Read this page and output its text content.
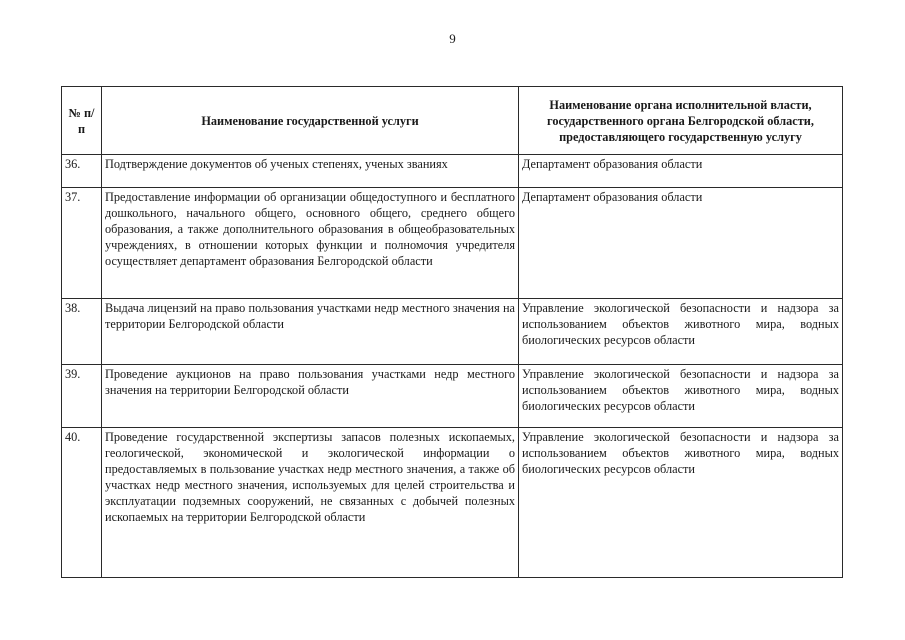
9
№ п/п	Наименование государственной услуги	Наименование органа исполнительной власти, государственного органа Белгородской области, предоставляющего государственную услугу
36.	Подтверждение документов об ученых степенях, ученых званиях	Департамент образования области
37.	Предоставление информации об организации общедоступного и бесплатного дошкольного, начального общего, основного общего, среднего общего образования, а также дополнительного образования в общеобразовательных учреждениях, в отношении которых функции и полномочия учредителя осуществляет департамент образования Белгородской области	Департамент образования области
38.	Выдача лицензий на право пользования участками недр местного значения на территории Белгородской области	Управление экологической безопасности и надзора за использованием объектов животного мира, водных биологических ресурсов области
39.	Проведение аукционов на право пользования участками недр местного значения на территории Белгородской области	Управление экологической безопасности и надзора за использованием объектов животного мира, водных биологических ресурсов области
40.	Проведение государственной экспертизы запасов полезных ископаемых, геологической, экономической и экологической информации о предоставляемых в пользование участках недр местного значения, а также об участках недр местного значения, используемых для целей строительства и эксплуатации подземных сооружений, не связанных с добычей полезных ископаемых на территории Белгородской области	Управление экологической безопасности и надзора за использованием объектов животного мира, водных биологических ресурсов области
